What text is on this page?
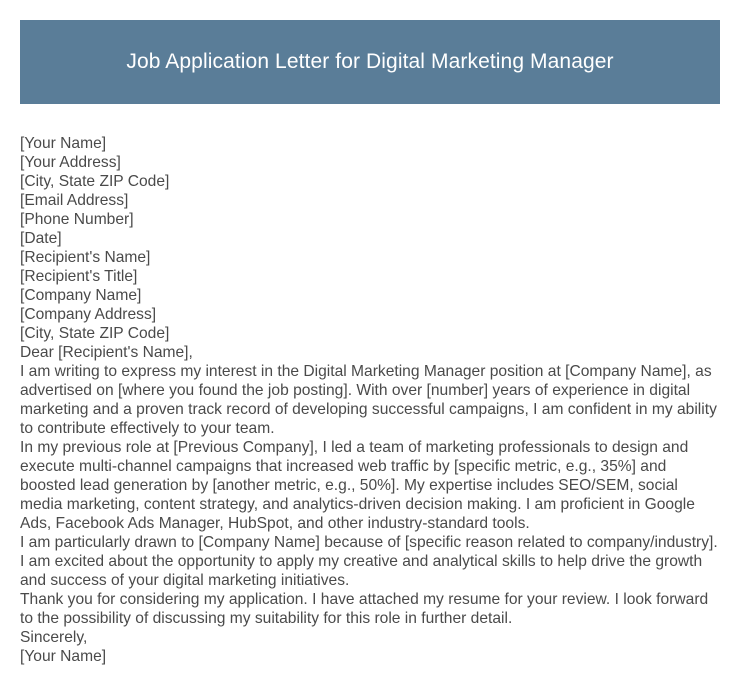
Job Application Letter for Digital Marketing Manager
[Your Name]
[Your Address]
[City, State ZIP Code]
[Email Address]
[Phone Number]
[Date]
[Recipient's Name]
[Recipient's Title]
[Company Name]
[Company Address]
[City, State ZIP Code]
Dear [Recipient's Name],
I am writing to express my interest in the Digital Marketing Manager position at [Company Name], as advertised on [where you found the job posting]. With over [number] years of experience in digital marketing and a proven track record of developing successful campaigns, I am confident in my ability to contribute effectively to your team.
In my previous role at [Previous Company], I led a team of marketing professionals to design and execute multi-channel campaigns that increased web traffic by [specific metric, e.g., 35%] and boosted lead generation by [another metric, e.g., 50%]. My expertise includes SEO/SEM, social media marketing, content strategy, and analytics-driven decision making. I am proficient in Google Ads, Facebook Ads Manager, HubSpot, and other industry-standard tools.
I am particularly drawn to [Company Name] because of [specific reason related to company/industry]. I am excited about the opportunity to apply my creative and analytical skills to help drive the growth and success of your digital marketing initiatives.
Thank you for considering my application. I have attached my resume for your review. I look forward to the possibility of discussing my suitability for this role in further detail.
Sincerely,
[Your Name]
